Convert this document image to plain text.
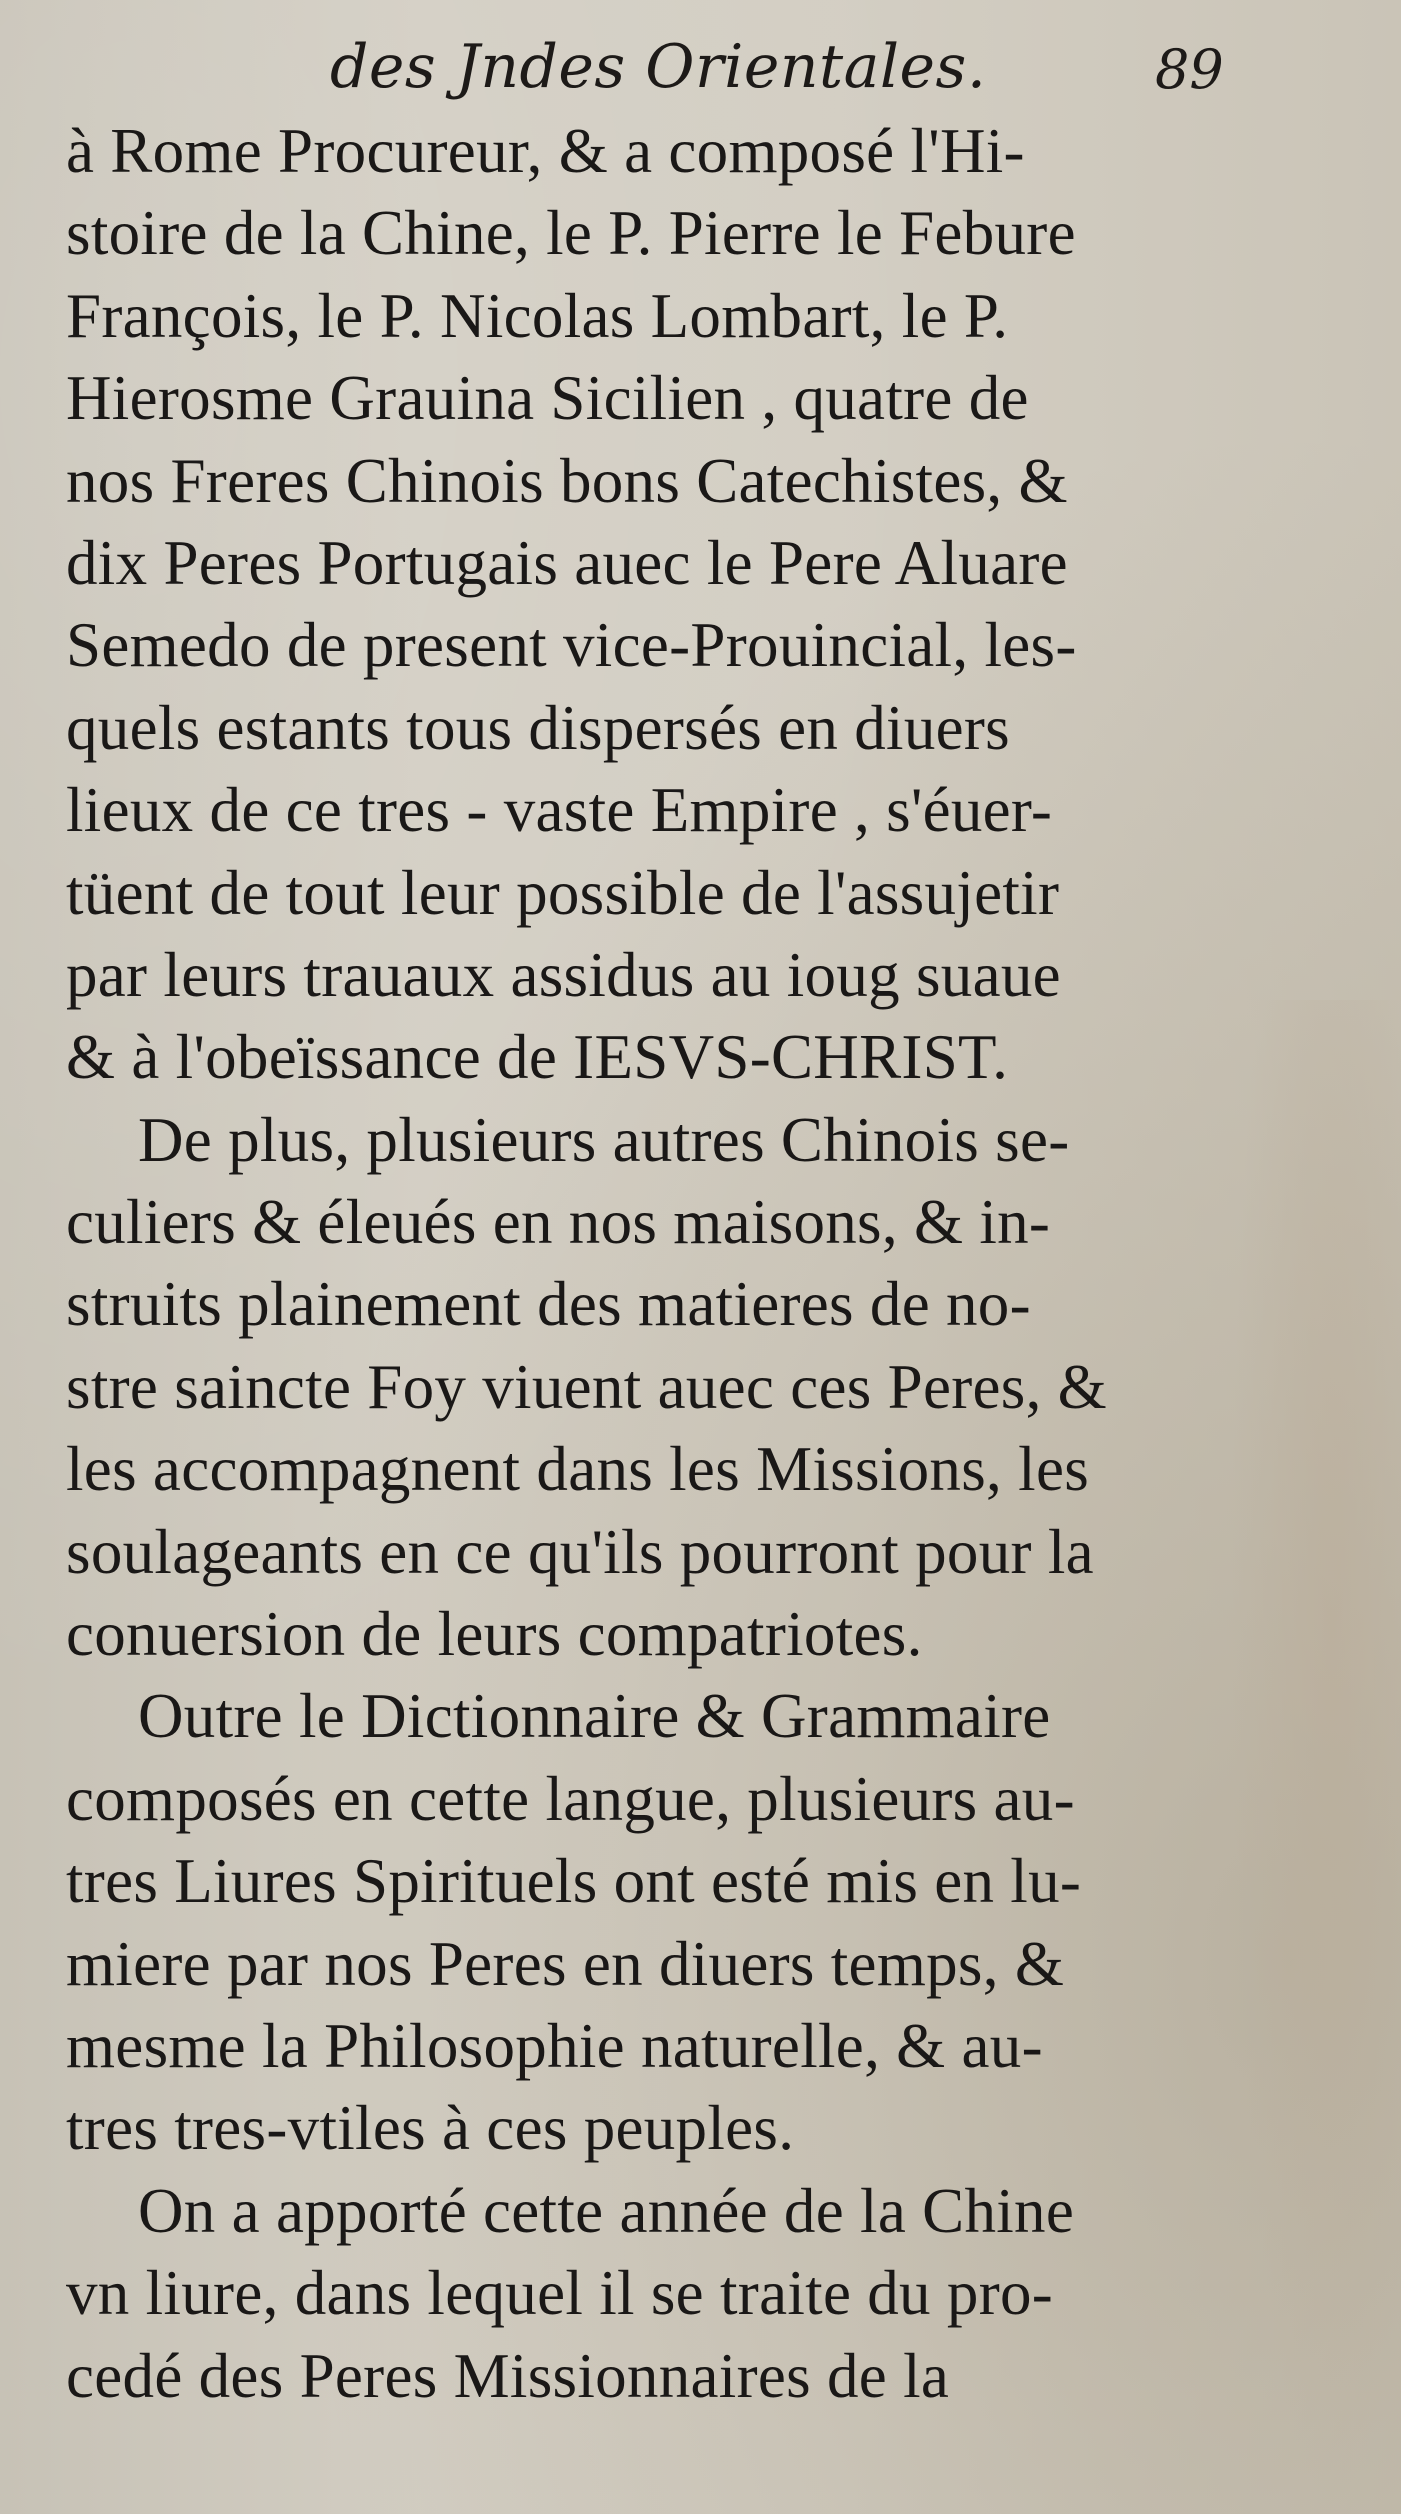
des Jndes Orientales.	89
à Rome Procureur, & a composé l'Hi-
stoire de la Chine, le P. Pierre le Febure
François, le P. Nicolas Lombart, le P.
Hierosme Grauina Sicilien , quatre de
nos Freres Chinois bons Catechistes, &
dix Peres Portugais auec le Pere Aluare
Semedo de present vice-Prouincial, les-
quels estants tous dispersés en diuers
lieux de ce tres - vaste Empire , s'éuer-
tüent de tout leur possible de l'assujetir
par leurs trauaux assidus au ioug suaue
& à l'obeïssance de IESVS-CHRIST.
De plus, plusieurs autres Chinois se-
culiers & éleués en nos maisons, & in-
struits plainement des matieres de no-
stre saincte Foy viuent auec ces Peres, &
les accompagnent dans les Missions, les
soulageants en ce qu'ils pourront pour la
conuersion de leurs compatriotes.
Outre le Dictionnaire & Grammaire
composés en cette langue, plusieurs au-
tres Liures Spirituels ont esté mis en lu-
miere par nos Peres en diuers temps, &
mesme la Philosophie naturelle, & au-
tres tres-vtiles à ces peuples.
On a apporté cette année de la Chine
vn liure, dans lequel il se traite du pro-
cedé des Peres Missionnaires de la
